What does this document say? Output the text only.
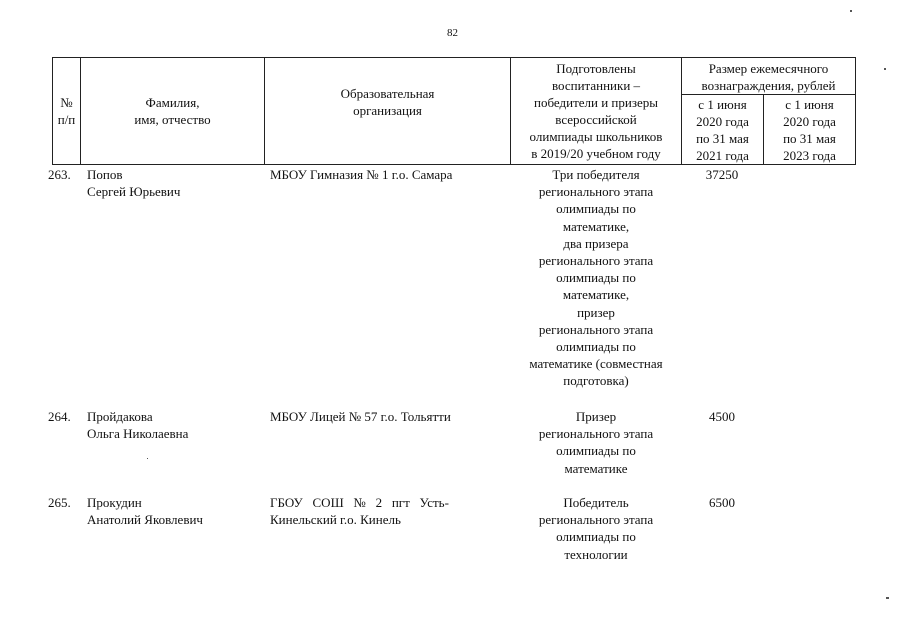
82
№
п/п
Фамилия,
имя, отчество
Образовательная
организация
Подготовлены
воспитанники –
победители и призеры
всероссийской
олимпиады школьников
в 2019/20 учебном году
Размер ежемесячного
вознаграждения, рублей
с 1 июня
2020 года
по 31 мая
2021 года
с 1 июня
2020 года
по 31 мая
2023 года
263. Попов
Сергей Юрьевич
МБОУ Гимназия № 1 г.о. Самара	Три победителя
регионального этапа
олимпиады по
математике,
два призера
регионального этапа
олимпиады по
математике,
призер
регионального этапа
олимпиады по
математике (совместная
подготовка)
37250
264. Пройдакова
Ольга Николаевна
МБОУ Лицей № 57 г.о. Тольятти	Призер
регионального этапа
олимпиады по
математике
4500
265. Прокудин
Анатолий Яковлевич
ГБОУ   СОШ   №   2   пгт   Усть-
Кинельский г.о. Кинель
Победитель
регионального этапа
олимпиады по
технологии
6500
